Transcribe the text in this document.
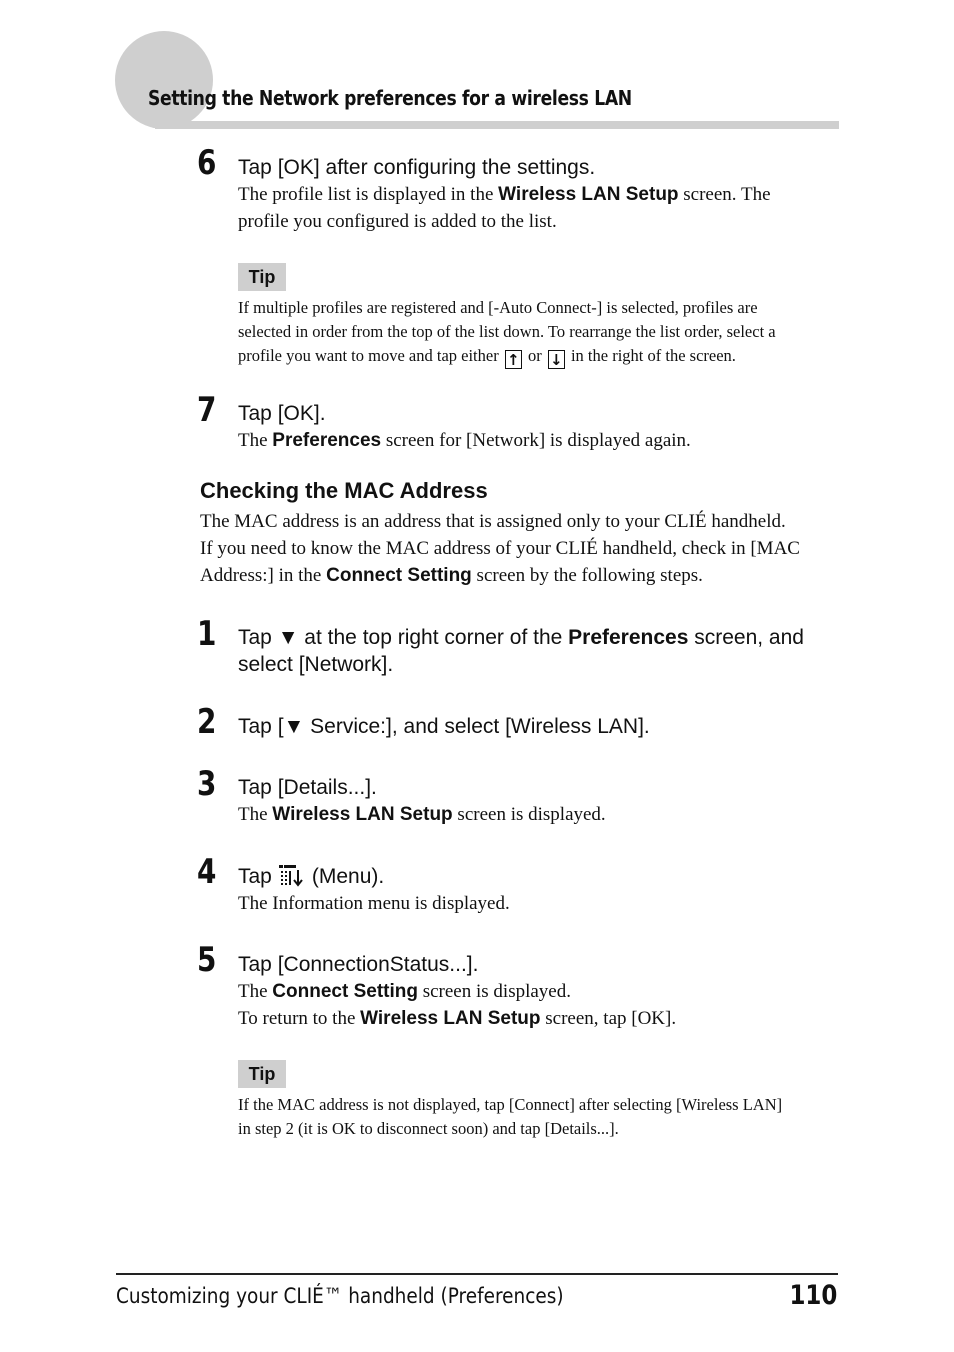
Setting the Network preferences for a wireless LAN
6 Tap [OK] after configuring the settings.
The profile list is displayed in the Wireless LAN Setup screen. The
profile you configured is added to the list.
Tip
If multiple profiles are registered and [-Auto Connect-] is selected, profiles are
selected in order from the top of the list down. To rearrange the list order, select a
profile you want to move and tap either ↑ or ↓ in the right of the screen.
7 Tap [OK].
The Preferences screen for [Network] is displayed again.
Checking the MAC Address
The MAC address is an address that is assigned only to your CLIÉ handheld.
If you need to know the MAC address of your CLIÉ handheld, check in [MAC
Address:] in the Connect Setting screen by the following steps.
1 Tap ▼ at the top right corner of the Preferences screen, and
select [Network].
2 Tap [▼ Service:], and select [Wireless LAN].
3 Tap [Details...].
The Wireless LAN Setup screen is displayed.
4 Tap (Menu).
The Information menu is displayed.
5 Tap [ConnectionStatus...].
The Connect Setting screen is displayed.
To return to the Wireless LAN Setup screen, tap [OK].
Tip
If the MAC address is not displayed, tap [Connect] after selecting [Wireless LAN]
in step 2 (it is OK to disconnect soon) and tap [Details...].
Customizing your CLIÉ™ handheld (Preferences)	110
